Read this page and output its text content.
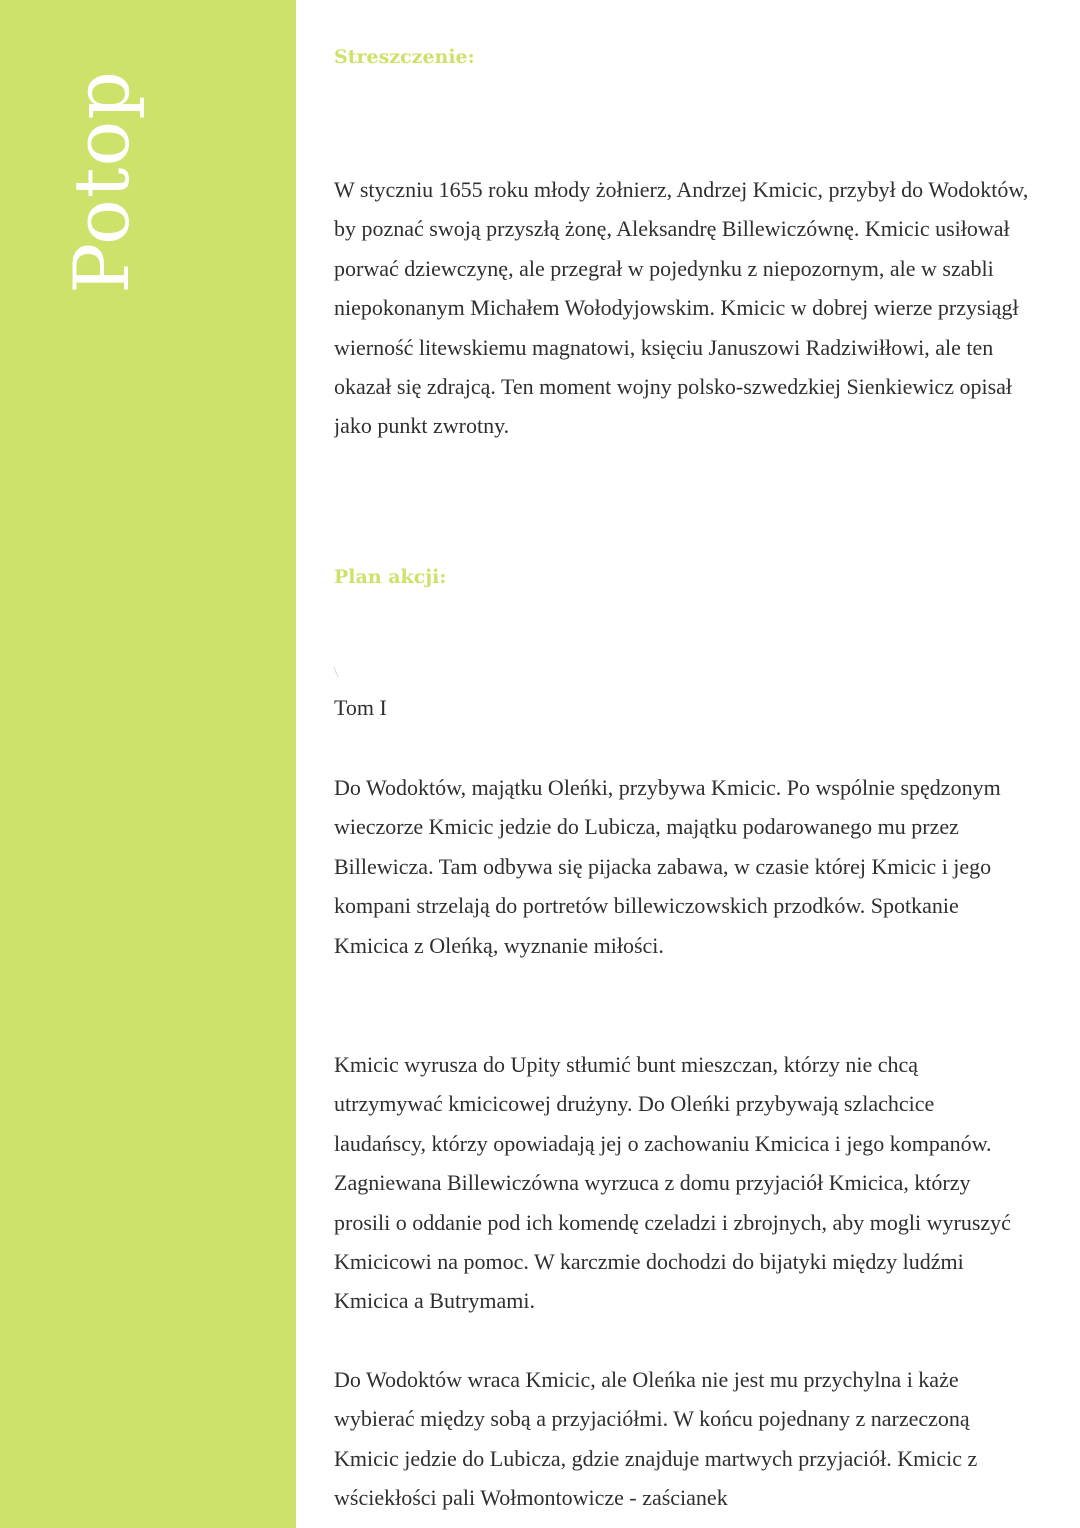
Potop
Streszczenie:

W styczniu 1655 roku młody żołnierz, Andrzej Kmicic, przybył do Wodoktów, by poznać swoją przyszłą żonę, Aleksandrę Billewiczównę. Kmicic usiłował porwać dziewczynę, ale przegrał w pojedynku z niepozornym, ale w szabli niepokonanym Michałem Wołodyjowskim. Kmicic w dobrej wierze przysiągł wierność litewskiemu magnatowi, księciu Januszowi Radziwiłłowi, ale ten okazał się zdrajcą. Ten moment wojny polsko-szwedzkiej Sienkiewicz opisał jako punkt zwrotny.

Plan akcji:

Tom I

Do Wodoktów, majątku Oleńki, przybywa Kmicic. Po wspólnie spędzonym wieczorze Kmicic jedzie do Lubicza, majątku podarowanego mu przez Billewicza. Tam odbywa się pijacka zabawa, w czasie której Kmicic i jego kompani strzelają do portretów billewiczowskich przodków. Spotkanie Kmicica z Oleńką, wyznanie miłości.

Kmicic wyrusza do Upity stłumić bunt mieszczan, którzy nie chcą utrzymywać kmicicowej drużyny. Do Oleńki przybywają szlachcice laudańscy, którzy opowiadają jej o zachowaniu Kmicica i jego kompanów. Zagniewana Billewiczówna wyrzuca z domu przyjaciół Kmicica, którzy prosili o oddanie pod ich komendę czeladzi i zbrojnych, aby mogli wyruszyć Kmicicowi na pomoc. W karczmie dochodzi do bijatyki między ludźmi Kmicica a Butrymami.

Do Wodoktów wraca Kmicic, ale Oleńka nie jest mu przychylna i każe wybierać między sobą a przyjaciółmi. W końcu pojednany z narzeczoną Kmicic jedzie do Lubicza, gdzie znajduje martwych przyjaciół. Kmicic z wściekłości pali Wołmontowicze - zaścianek
